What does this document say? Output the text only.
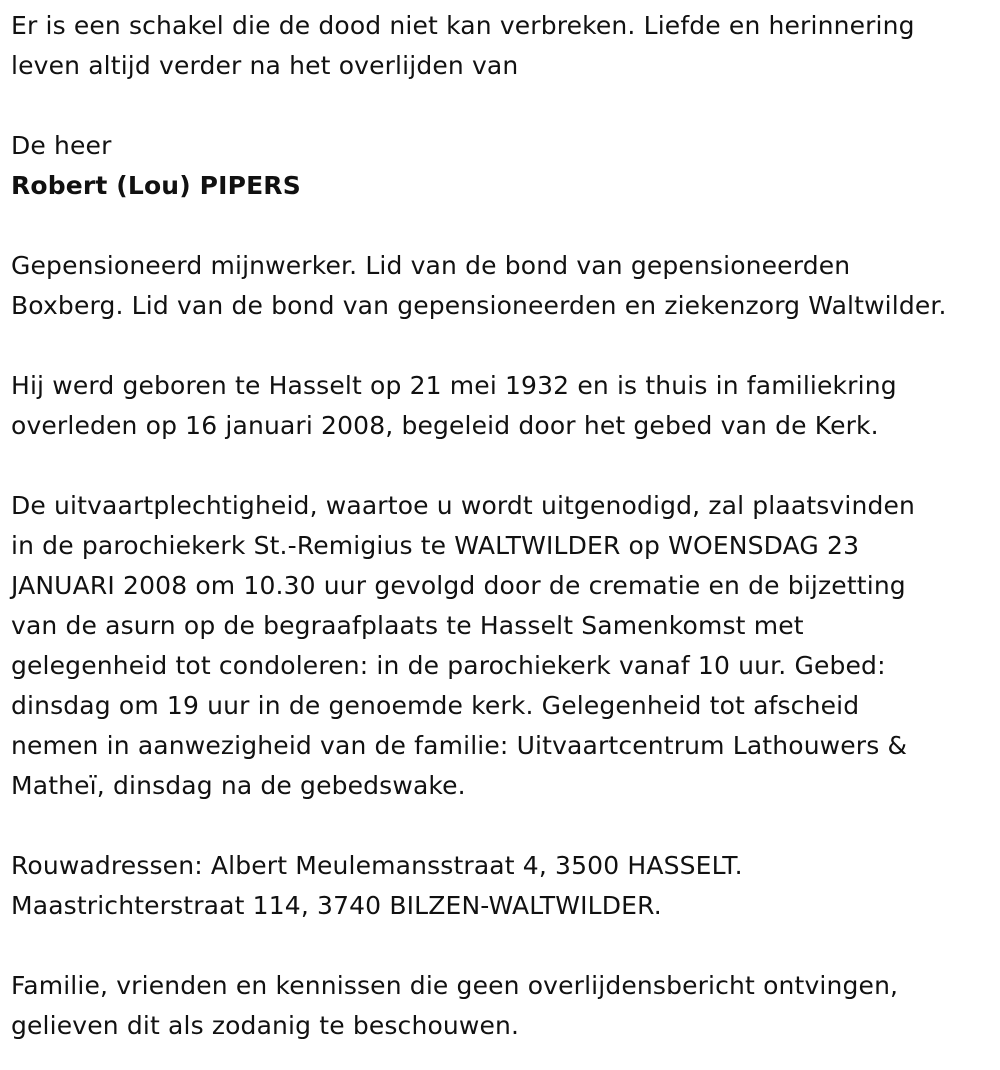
Er is een schakel die de dood niet kan verbreken. Liefde en herinnering
leven altijd verder na het overlijden van

De heer

Robert (Lou) PIPERS

Gepensioneerd mijnwerker. Lid van de bond van gepensioneerden
Boxberg. Lid van de bond van gepensioneerden en ziekenzorg Waltwilder.

Hij werd geboren te Hasselt op 21 mei 1932 en is thuis in familiekring
overleden op 16 januari 2008, begeleid door het gebed van de Kerk.

De uitvaartplechtigheid, waartoe u wordt uitgenodigd, zal plaatsvinden
in de parochiekerk St.-Remigius te WALTWILDER op WOENSDAG 23
JANUARI 2008 om 10.30 uur gevolgd door de crematie en de bijzetting
van de asurn op de begraafplaats te Hasselt Samenkomst met
gelegenheid tot condoleren: in de parochiekerk vanaf 10 uur. Gebed:
dinsdag om 19 uur in de genoemde kerk. Gelegenheid tot afscheid
nemen in aanwezigheid van de familie: Uitvaartcentrum Lathouwers &
Matheï, dinsdag na de gebedswake.

Rouwadressen: Albert Meulemansstraat 4, 3500 HASSELT.
Maastrichterstraat 114, 3740 BILZEN-WALTWILDER.

Familie, vrienden en kennissen die geen overlijdensbericht ontvingen,
gelieven dit als zodanig te beschouwen.
